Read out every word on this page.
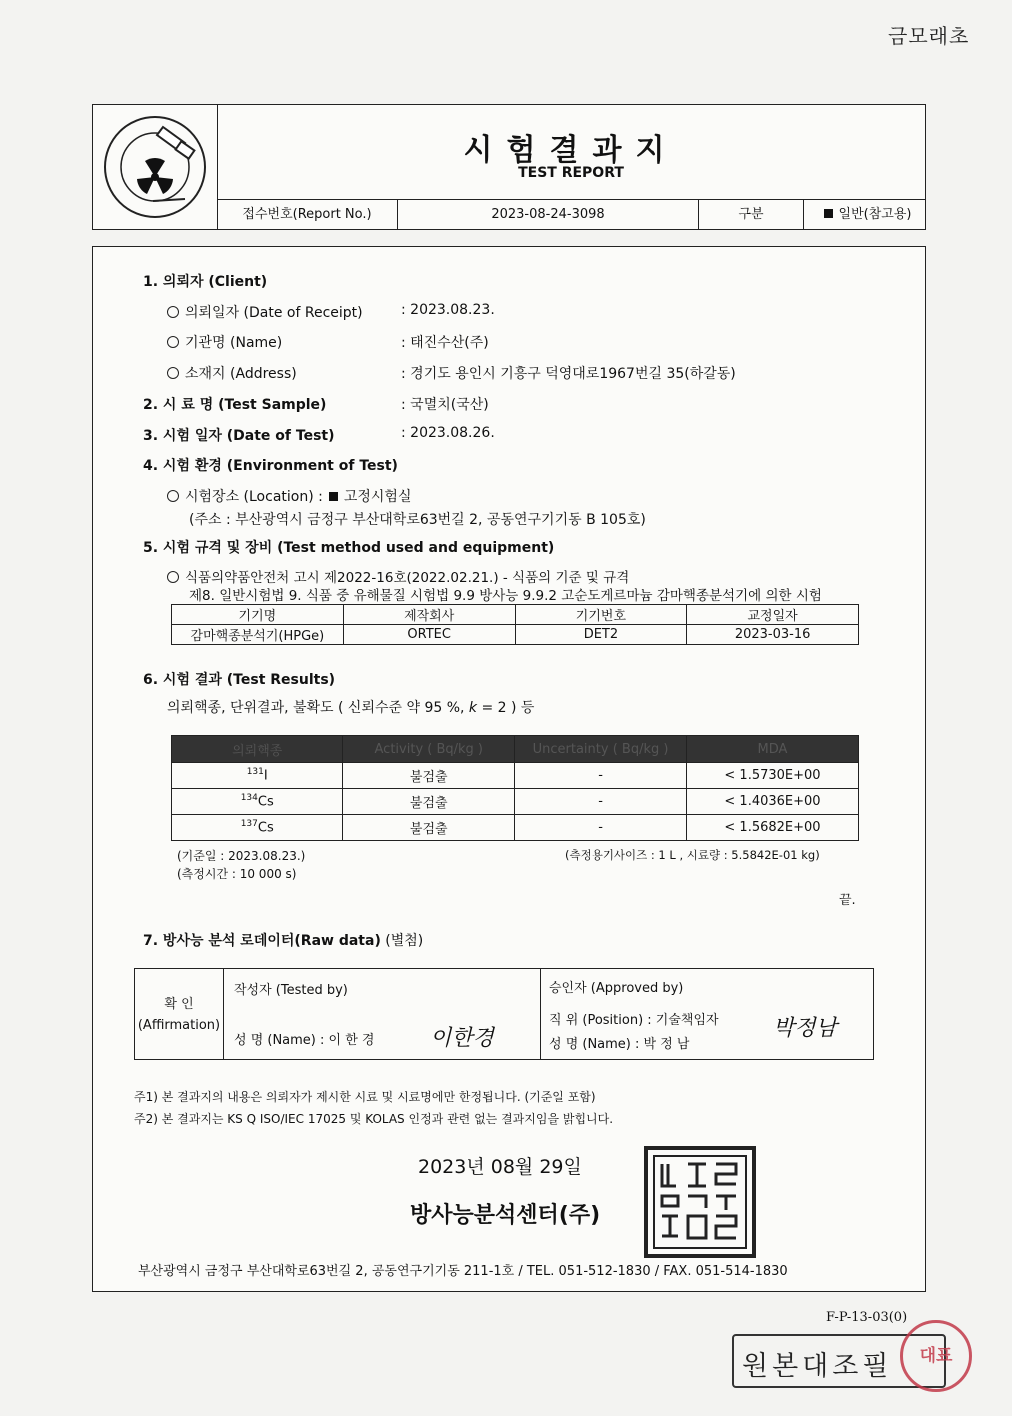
금모래초
시험결과지
TEST REPORT
접수번호(Report No.)	2023-08-24-3098	구분	일반(참고용)
1. 의뢰자 (Client)
의뢰일자 (Date of Receipt)	: 2023.08.23.
기관명 (Name)	: 태진수산(주)
소재지 (Address)	: 경기도 용인시 기흥구 덕영대로1967번길 35(하갈동)
2. 시 료 명 (Test Sample)	: 국멸치(국산)
3. 시험 일자 (Date of Test)	: 2023.08.26.
4. 시험 환경 (Environment of Test)
시험장소 (Location) : 고정시험실
(주소 : 부산광역시 금정구 부산대학로63번길 2, 공동연구기기동 B 105호)
5. 시험 규격 및 장비 (Test method used and equipment)
식품의약품안전처 고시 제2022-16호(2022.02.21.) - 식품의 기준 및 규격
제8. 일반시험법 9. 식품 중 유해물질 시험법 9.9 방사능 9.9.2 고순도게르마늄 감마핵종분석기에 의한 시험
기기명	제작회사	기기번호	교정일자
감마핵종분석기(HPGe)	ORTEC	DET2	2023-03-16
6. 시험 결과 (Test Results)
의뢰핵종, 단위결과, 불확도 ( 신뢰수준 약 95 %, k = 2 ) 등
의뢰핵종	Activity ( Bq/kg )	Uncertainty ( Bq/kg )	MDA
$^{131}$I	불검출	-	< 1.5730E+00
$^{134}$Cs	불검출	-	< 1.4036E+00
$^{137}$Cs	불검출	-	< 1.5682E+00
(기준일 : 2023.08.23.)
(측정시간 : 10 000 s)
(측정용기사이즈 : 1 L , 시료량 : 5.5842E-01 kg)
끝.
7. 방사능 분석 로데이터(Raw data) (별첨)
확 인
(Affirmation)
작성자 (Tested by)
성 명 (Name) : 이 한 경	이한경
승인자 (Approved by)
직 위 (Position) : 기술책임자
성 명 (Name) : 박 정 남
박정남
주1) 본 결과지의 내용은 의뢰자가 제시한 시료 및 시료명에만 한정됩니다. (기준일 포함)
주2) 본 결과지는 KS Q ISO/IEC 17025 및 KOLAS 인정과 관련 없는 결과지임을 밝힙니다.
2023년 08월 29일
방사능분석센터(주)
부산광역시 금정구 부산대학로63번길 2, 공동연구기기동 211-1호 / TEL. 051-512-1830 / FAX. 051-514-1830
F-P-13-03(0)
원본대조필	대표
